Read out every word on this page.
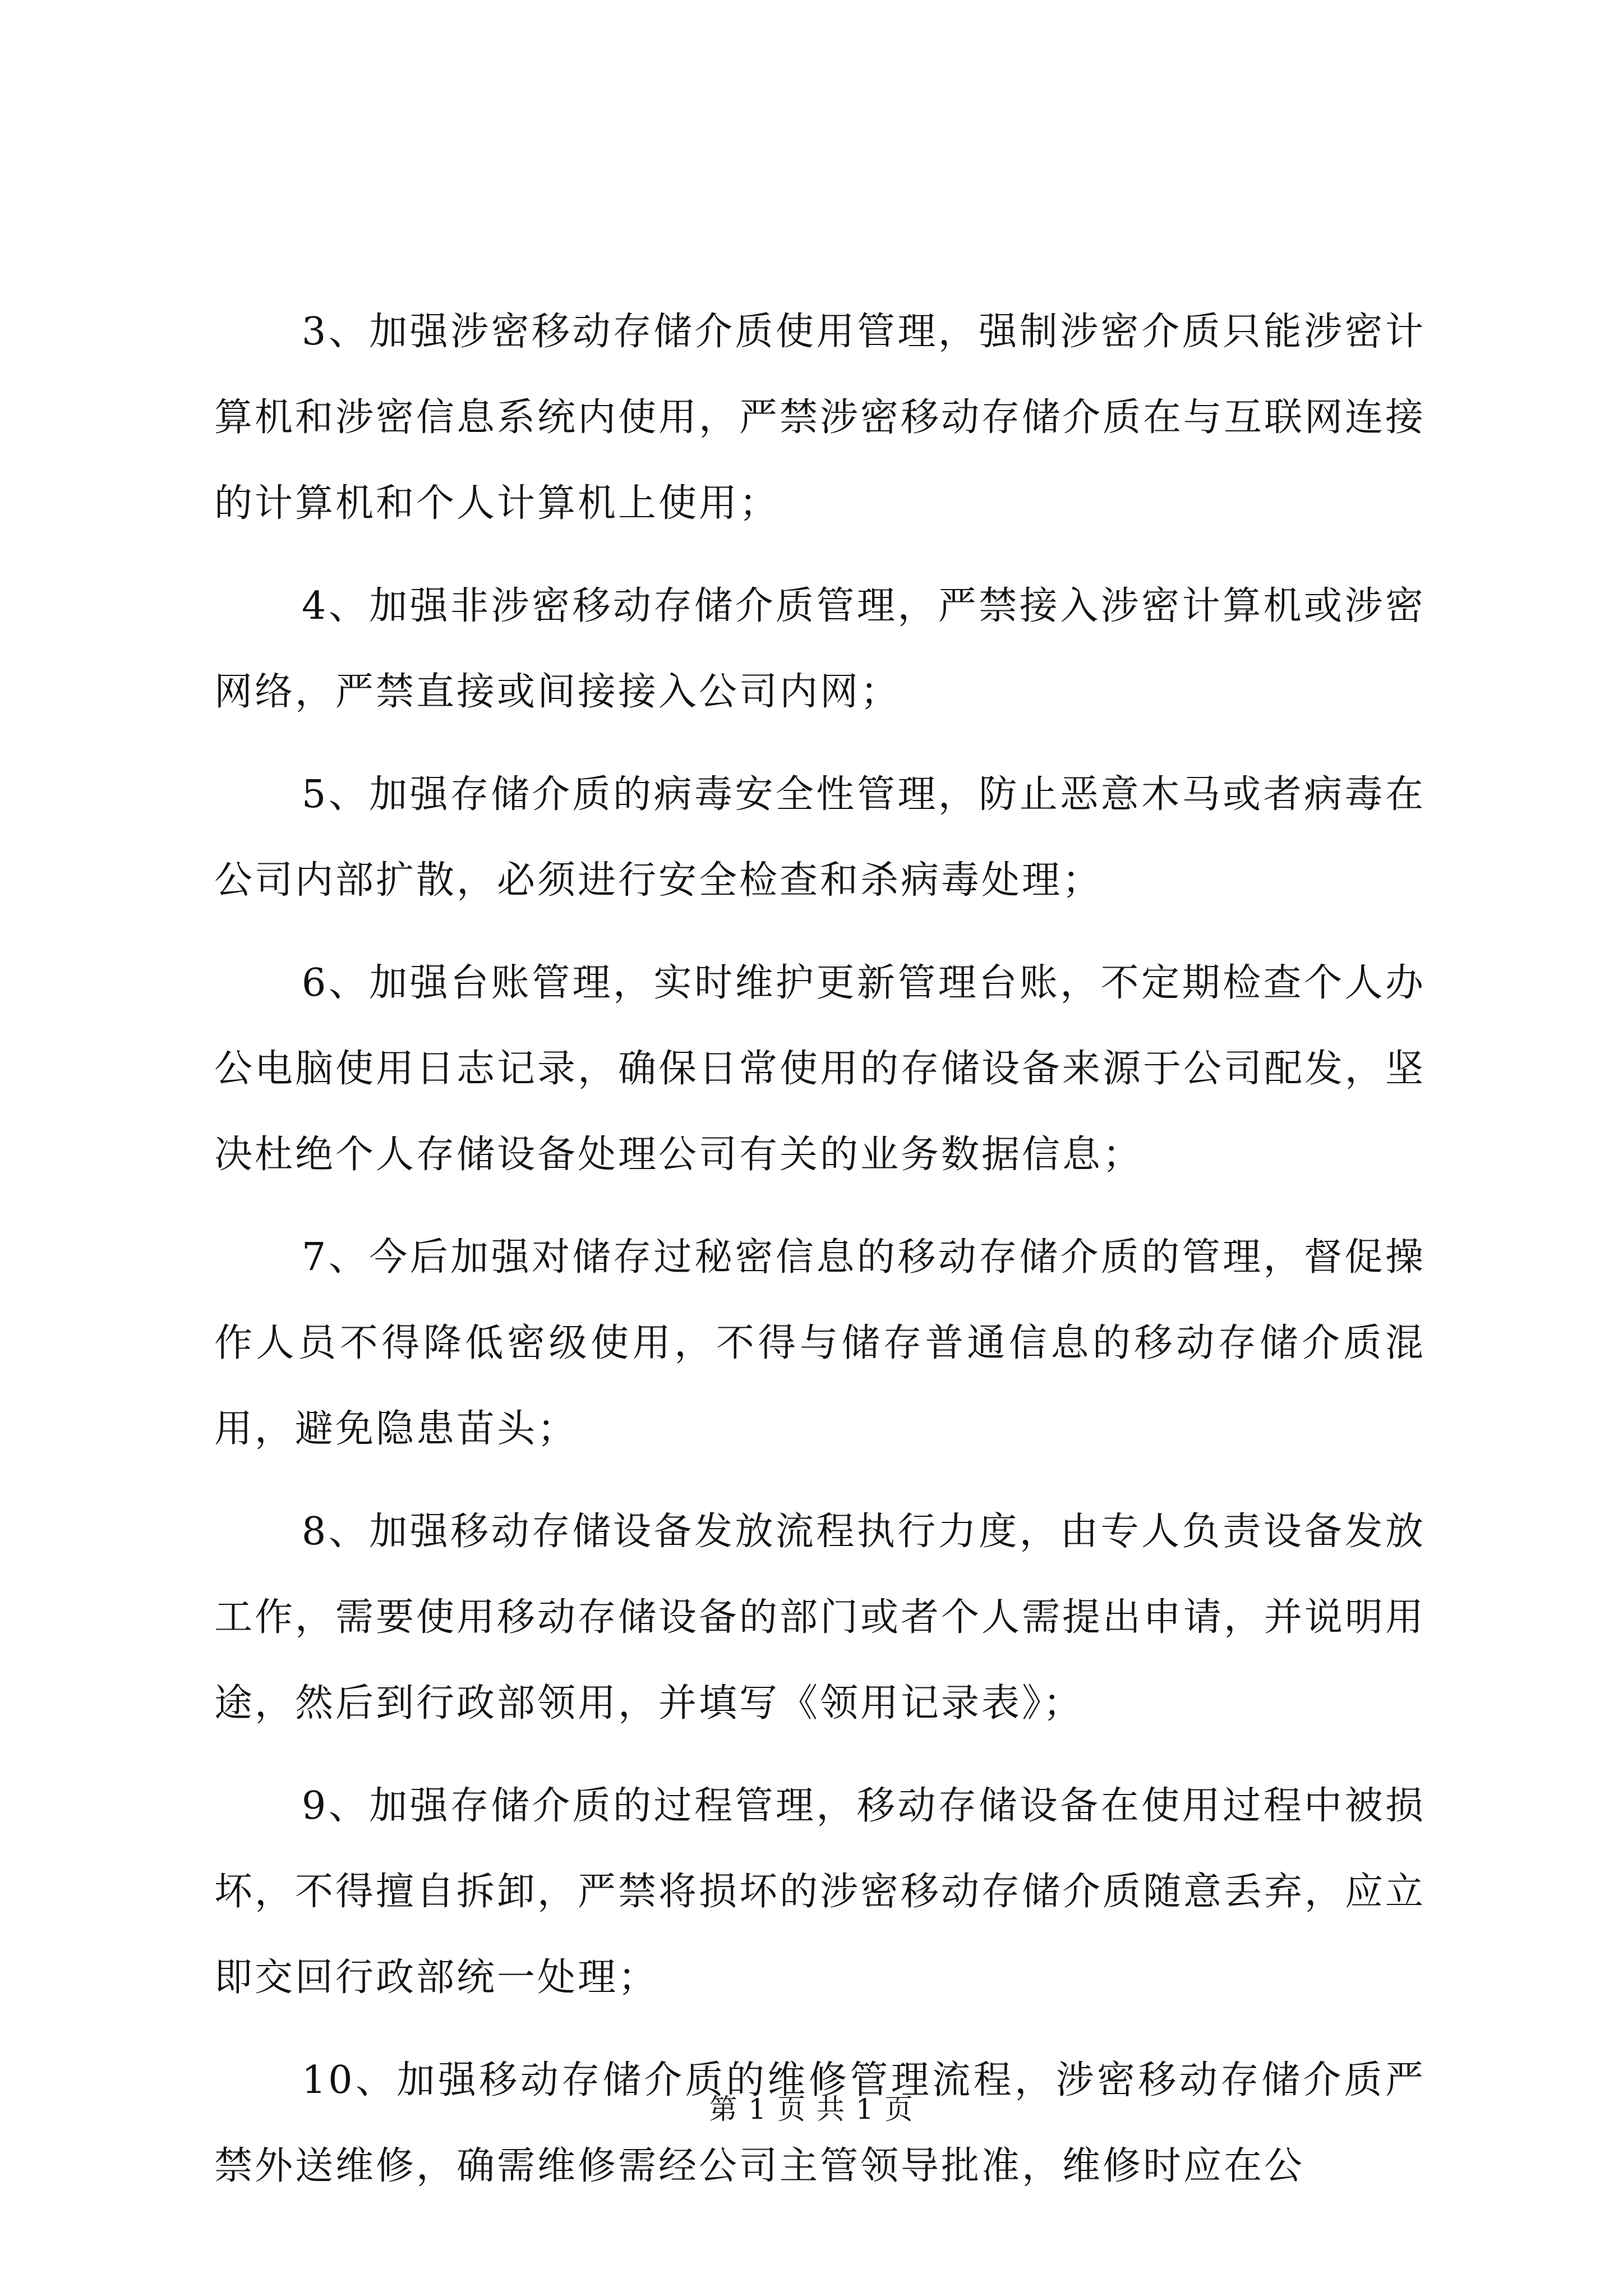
3、加强涉密移动存储介质使用管理，强制涉密介质只能涉密计算机和涉密信息系统内使用，严禁涉密移动存储介质在与互联网连接的计算机和个人计算机上使用；

4、加强非涉密移动存储介质管理，严禁接入涉密计算机或涉密网络，严禁直接或间接接入公司内网；

5、加强存储介质的病毒安全性管理，防止恶意木马或者病毒在公司内部扩散，必须进行安全检查和杀病毒处理；

6、加强台账管理，实时维护更新管理台账，不定期检查个人办公电脑使用日志记录，确保日常使用的存储设备来源于公司配发，坚决杜绝个人存储设备处理公司有关的业务数据信息；

7、今后加强对储存过秘密信息的移动存储介质的管理，督促操作人员不得降低密级使用，不得与储存普通信息的移动存储介质混用，避免隐患苗头；

8、加强移动存储设备发放流程执行力度，由专人负责设备发放工作，需要使用移动存储设备的部门或者个人需提出申请，并说明用途，然后到行政部领用，并填写《领用记录表》；

9、加强存储介质的过程管理，移动存储设备在使用过程中被损坏，不得擅自拆卸，严禁将损坏的涉密移动存储介质随意丢弃，应立即交回行政部统一处理；

10、加强移动存储介质的维修管理流程，涉密移动存储介质严禁外送维修，确需维修需经公司主管领导批准，维修时应在公

第 1 页 共 1 页
